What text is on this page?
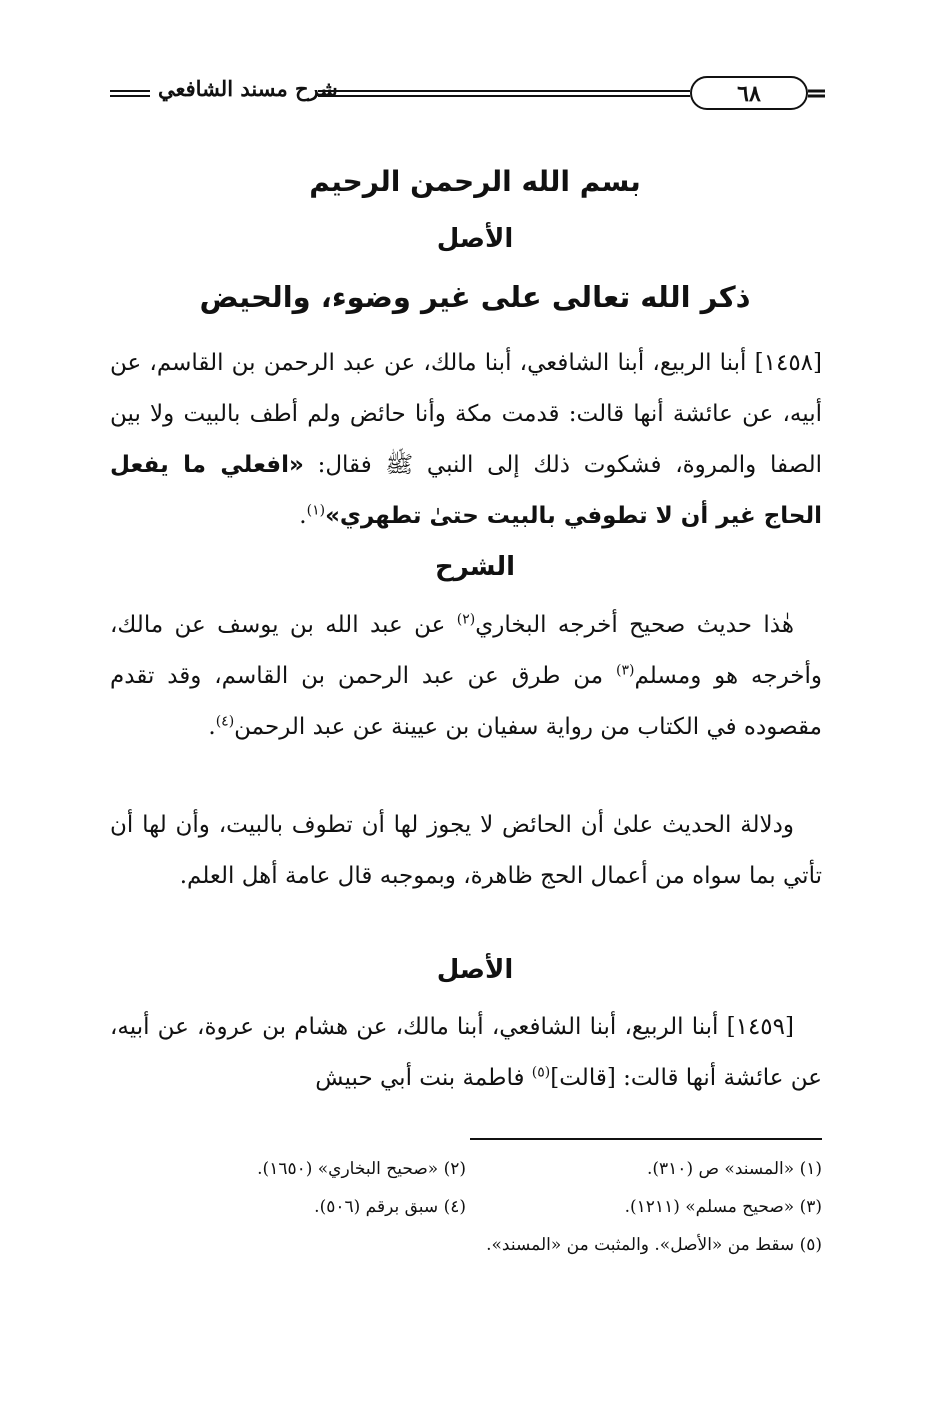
شرح مسند الشافعي	٦٨
بسم الله الرحمن الرحيم
الأصل
ذكر الله تعالى على غير وضوء، والحيض
[١٤٥٨] أبنا الربيع، أبنا الشافعي، أبنا مالك، عن عبد الرحمن بن القاسم، عن أبيه، عن عائشة أنها قالت: قدمت مكة وأنا حائض ولم أطف بالبيت ولا بين الصفا والمروة، فشكوت ذلك إلى النبي ﷺ فقال: «افعلي ما يفعل الحاج غير أن لا تطوفي بالبيت حتىٰ تطهري»$^{(١)}$.
الشرح
هٰذا حديث صحيح أخرجه البخاري$^{(٢)}$ عن عبد الله بن يوسف عن مالك، وأخرجه هو ومسلم$^{(٣)}$ من طرق عن عبد الرحمن بن القاسم، وقد تقدم مقصوده في الكتاب من رواية سفيان بن عيينة عن عبد الرحمن$^{(٤)}$.
ودلالة الحديث علىٰ أن الحائض لا يجوز لها أن تطوف بالبيت، وأن لها أن تأتي بما سواه من أعمال الحج ظاهرة، وبموجبه قال عامة أهل العلم.
الأصل
[١٤٥٩] أبنا الربيع، أبنا الشافعي، أبنا مالك، عن هشام بن عروة، عن أبيه، عن عائشة أنها قالت: [قالت]$^{(٥)}$ فاطمة بنت أبي حبيش
(١) «المسند» ص (٣١٠).
(٢) «صحيح البخاري» (١٦٥٠).
(٣) «صحيح مسلم» (١٢١١).
(٤) سبق برقم (٥٠٦).
(٥) سقط من «الأصل». والمثبت من «المسند».
